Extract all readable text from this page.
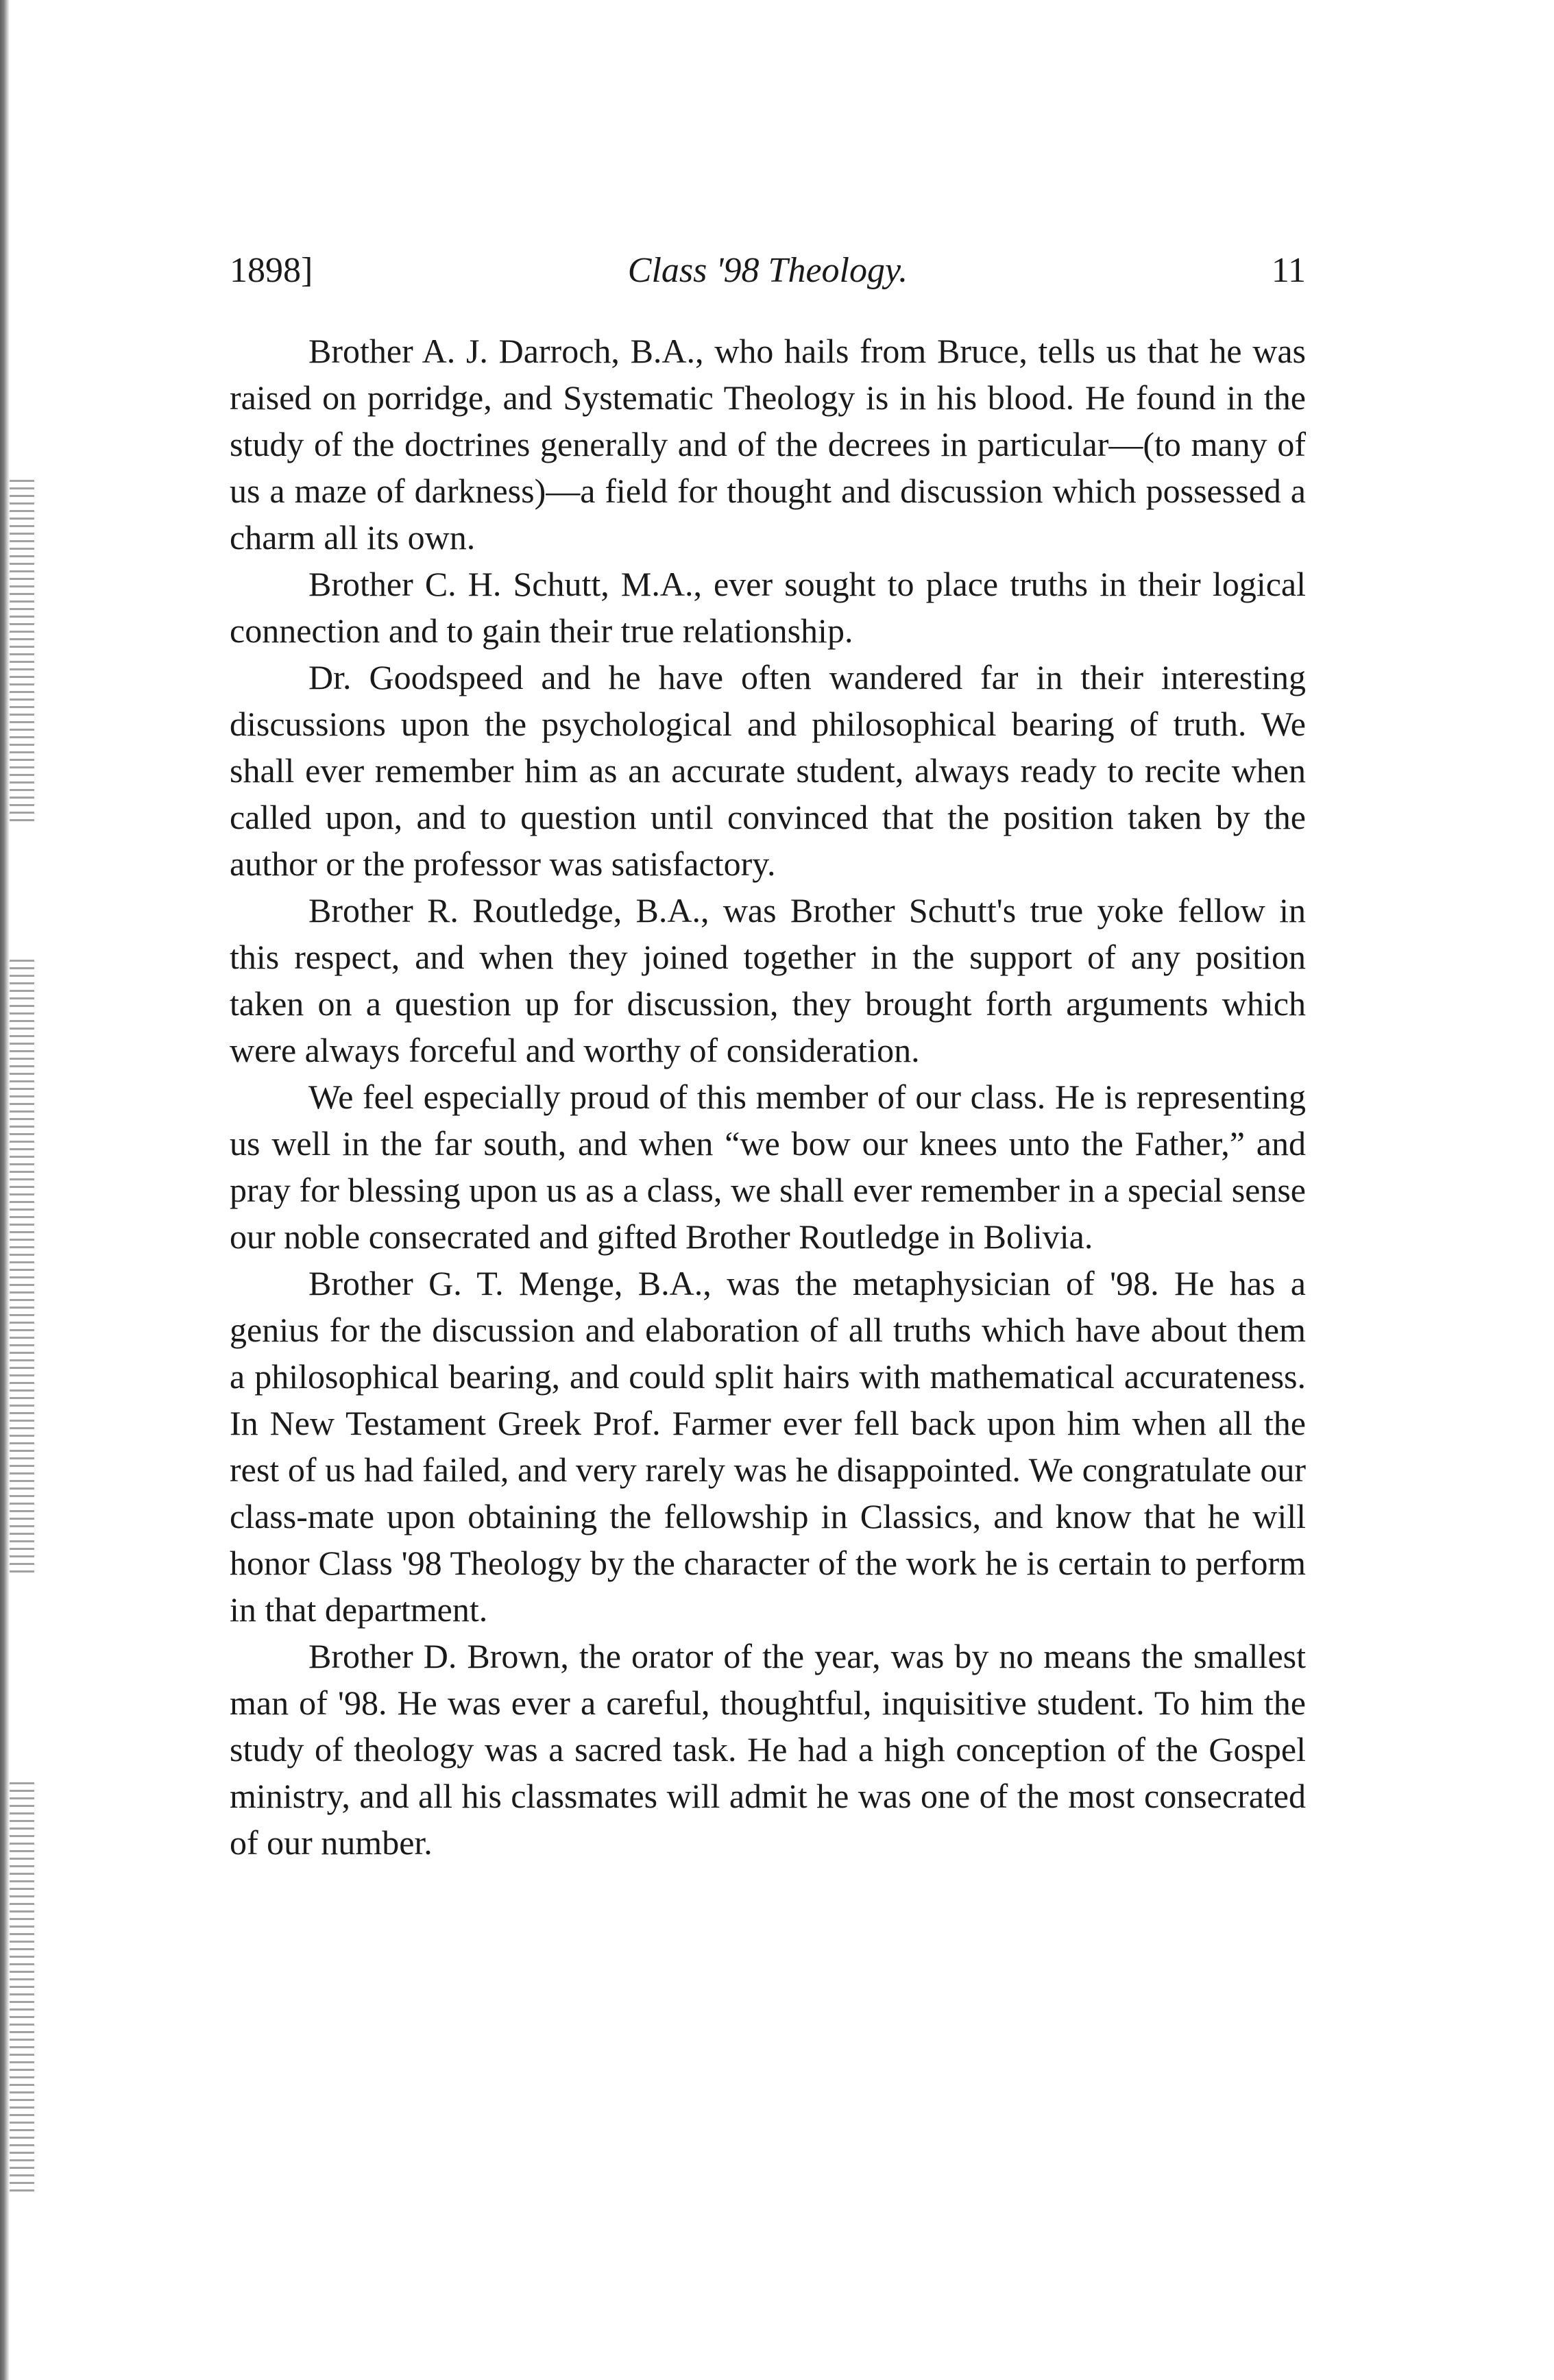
1898]	Class '98 Theology.	11

Brother A. J. Darroch, B.A., who hails from Bruce, tells us that he was raised on porridge, and Systematic Theology is in his blood. He found in the study of the doctrines generally and of the decrees in particular—(to many of us a maze of darkness)—a field for thought and discussion which possessed a charm all its own.

Brother C. H. Schutt, M.A., ever sought to place truths in their logical connection and to gain their true relationship.

Dr. Goodspeed and he have often wandered far in their interesting discussions upon the psychological and philosophical bearing of truth. We shall ever remember him as an accurate student, always ready to recite when called upon, and to question until convinced that the position taken by the author or the professor was satisfactory.

Brother R. Routledge, B.A., was Brother Schutt's true yoke fellow in this respect, and when they joined together in the support of any position taken on a question up for discussion, they brought forth arguments which were always forceful and worthy of consideration.

We feel especially proud of this member of our class. He is representing us well in the far south, and when “we bow our knees unto the Father,” and pray for blessing upon us as a class, we shall ever remember in a special sense our noble consecrated and gifted Brother Routledge in Bolivia.

Brother G. T. Menge, B.A., was the metaphysician of '98. He has a genius for the discussion and elaboration of all truths which have about them a philosophical bearing, and could split hairs with mathematical accurateness. In New Testament Greek Prof. Farmer ever fell back upon him when all the rest of us had failed, and very rarely was he disappointed. We congratulate our class-mate upon obtaining the fellowship in Classics, and know that he will honor Class '98 Theology by the character of the work he is certain to perform in that department.

Brother D. Brown, the orator of the year, was by no means the smallest man of '98. He was ever a careful, thoughtful, inquisitive student. To him the study of theology was a sacred task. He had a high conception of the Gospel ministry, and all his classmates will admit he was one of the most consecrated of our number.
